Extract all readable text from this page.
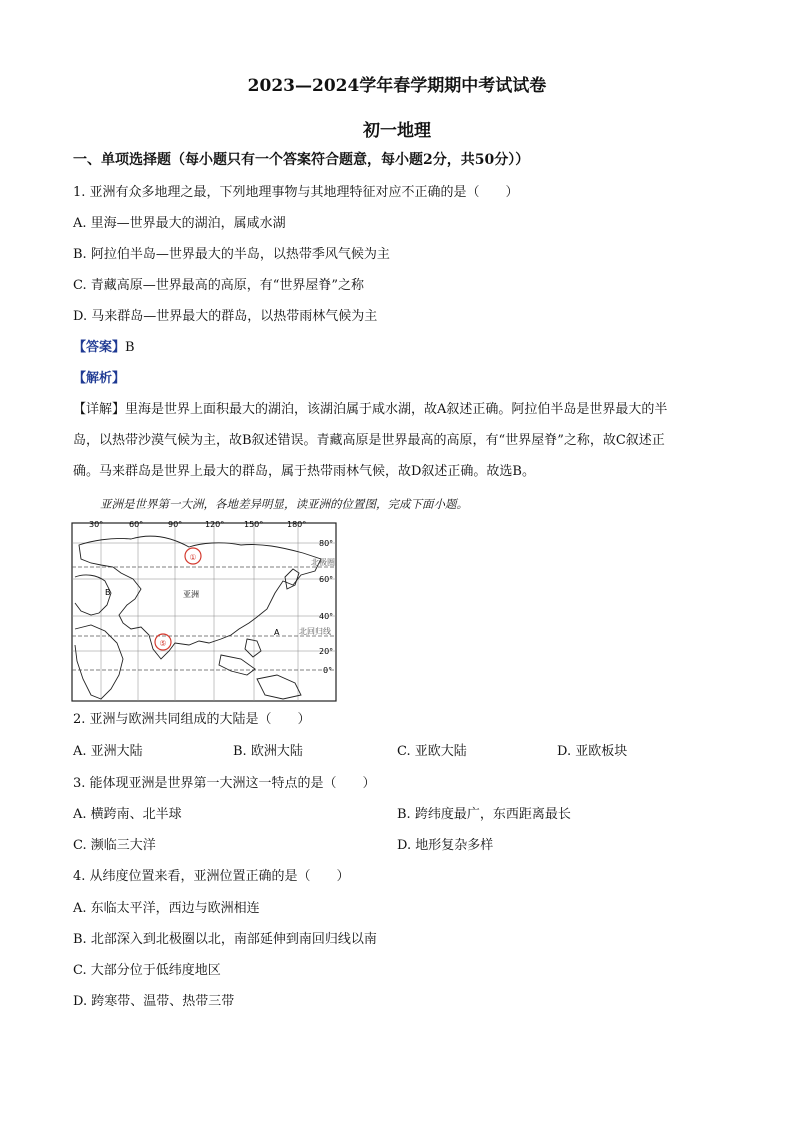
2023—2024学年春学期期中考试试卷
初一地理
一、单项选择题（每小题只有一个答案符合题意，每小题2分，共50分））
1. 亚洲有众多地理之最，下列地理事物与其地理特征对应不正确的是（　　）
A. 里海—世界最大的湖泊，属咸水湖
B. 阿拉伯半岛—世界最大的半岛，以热带季风气候为主
C. 青藏高原—世界最高的高原，有“世界屋脊”之称
D. 马来群岛—世界最大的群岛，以热带雨林气候为主
【答案】B
【解析】
【详解】里海是世界上面积最大的湖泊，该湖泊属于咸水湖，故A叙述正确。阿拉伯半岛是世界最大的半
岛，以热带沙漠气候为主，故B叙述错误。青藏高原是世界最高的高原，有“世界屋脊”之称，故C叙述正
确。马来群岛是世界上最大的群岛，属于热带雨林气候，故D叙述正确。故选B。
亚洲是世界第一大洲，各地差异明显，读亚洲的位置图，完成下面小题。
①
⑤
B	亚洲
A
北极圈
北回归线
30°	60°	90°	120° 150°	180°
80°
60°
40°
20°
0°
2. 亚洲与欧洲共同组成的大陆是（　　）
A. 亚洲大陆	B. 欧洲大陆	C. 亚欧大陆	D. 亚欧板块
3. 能体现亚洲是世界第一大洲这一特点的是（　　）
A. 横跨南、北半球	B. 跨纬度最广，东西距离最长
C. 濒临三大洋	D. 地形复杂多样
4. 从纬度位置来看，亚洲位置正确的是（　　）
A. 东临太平洋，西边与欧洲相连
B. 北部深入到北极圈以北，南部延伸到南回归线以南
C. 大部分位于低纬度地区
D. 跨寒带、温带、热带三带
